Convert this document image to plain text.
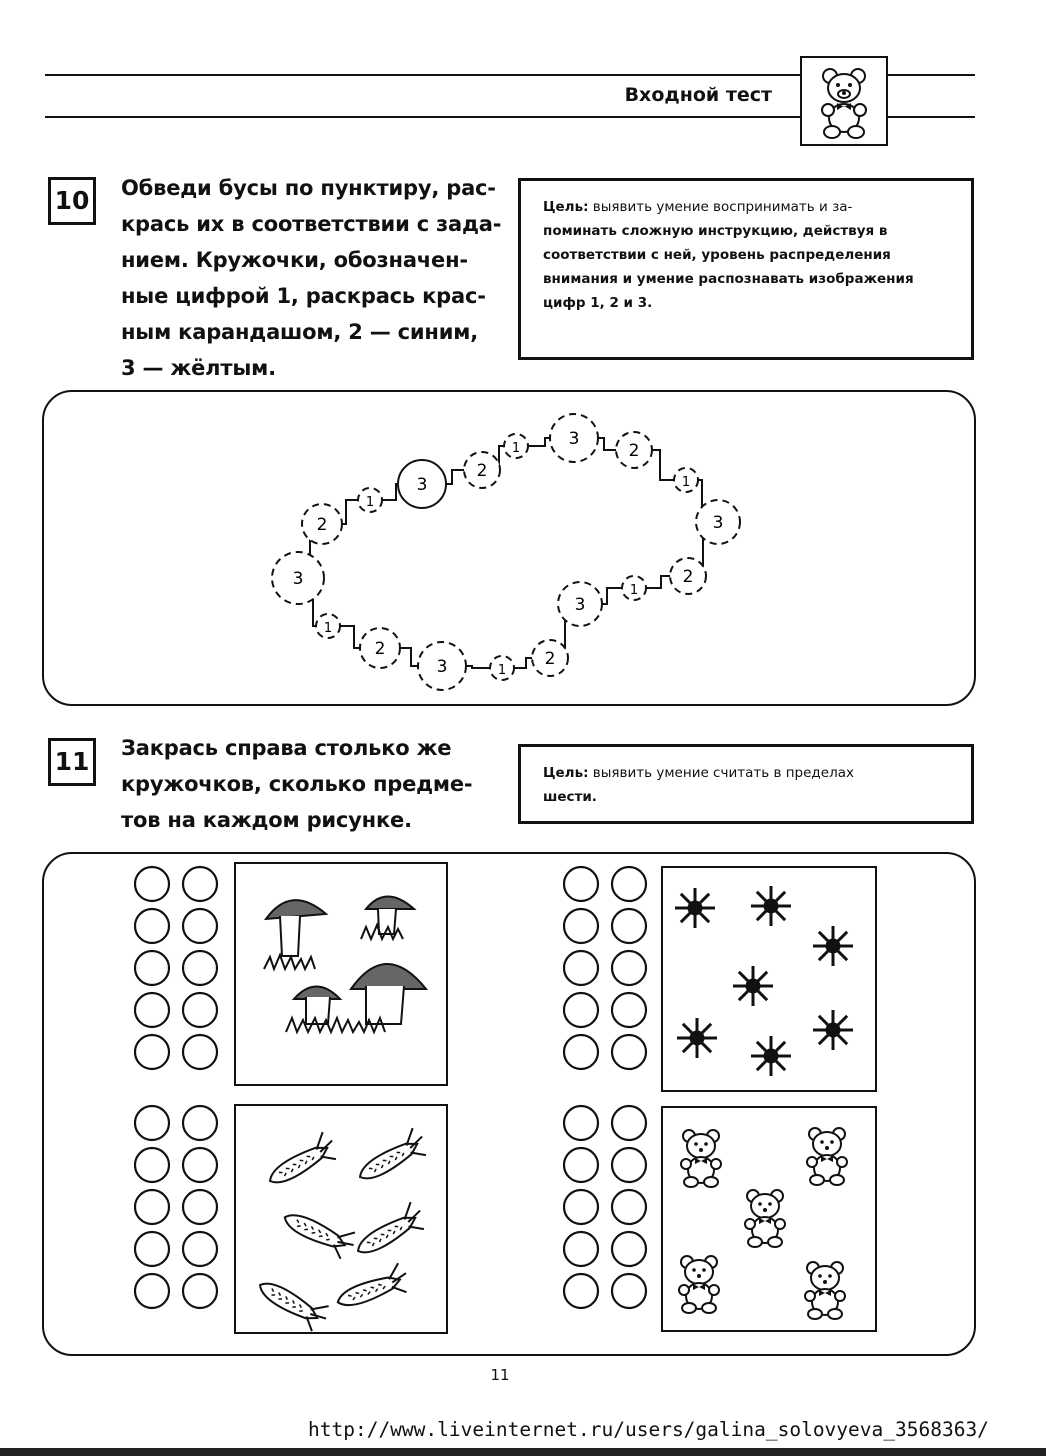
Входной тест
10	Обведи бусы по пунктиру, рас-
крась их в соответствии с зада-
нием. Кружочки, обозначен-
ные цифрой 1, раскрась крас-
ным карандашом, 2 — синим,
3 — жёлтым.
Цель: выявить умение воспринимать и за-
поминать сложную инструкцию, действуя в
соответствии с ней, уровень распределения
внимания и умение распознавать изображения
цифр 1, 2 и 3.
2
1
3
2
1	3
2
1
3
2
1
3
2
1
3
2
1
3
11	Закрась справа столько же
кружочков, сколько предме-
тов на каждом рисунке.
Цель: выявить умение считать в пределах
шести.
11
http://www.liveinternet.ru/users/galina_solovyeva_3568363/
